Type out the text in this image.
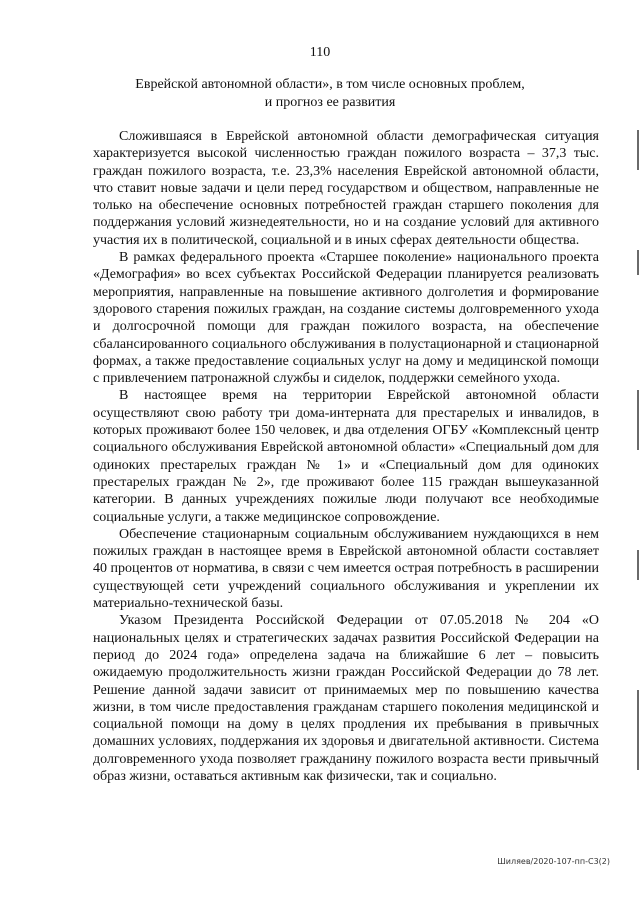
110
Еврейской автономной области», в том числе основных проблем,
и прогноз ее развития

Сложившаяся в Еврейской автономной области демографическая ситуация характеризуется высокой численностью граждан пожилого возраста – 37,3 тыс. граждан пожилого возраста, т.е. 23,3% населения Еврейской автономной области, что ставит новые задачи и цели перед государством и обществом, направленные не только на обеспечение основных потребностей граждан старшего поколения для поддержания условий жизнедеятельности, но и на создание условий для активного участия их в политической, социальной и в иных сферах деятельности общества.

В рамках федерального проекта «Старшее поколение» национального проекта «Демография» во всех субъектах Российской Федерации планируется реализовать мероприятия, направленные на повышение активного долголетия и формирование здорового старения пожилых граждан, на создание системы долговременного ухода и долгосрочной помощи для граждан пожилого возраста, на обеспечение сбалансированного социального обслуживания в полустационарной и стационарной формах, а также предоставление социальных услуг на дому и медицинской помощи с привлечением патронажной службы и сиделок, поддержки семейного ухода.

В настоящее время на территории Еврейской автономной области осуществляют свою работу три дома-интерната для престарелых и инвалидов, в которых проживают более 150 человек, и два отделения ОГБУ «Комплексный центр социального обслуживания Еврейской автономной области» «Специальный дом для одиноких престарелых граждан № 1» и «Специальный дом для одиноких престарелых граждан № 2», где проживают более 115 граждан вышеуказанной категории. В данных учреждениях пожилые люди получают все необходимые социальные услуги, а также медицинское сопровождение.

Обеспечение стационарным социальным обслуживанием нуждающихся в нем пожилых граждан в настоящее время в Еврейской автономной области составляет 40 процентов от норматива, в связи с чем имеется острая потребность в расширении существующей сети учреждений социального обслуживания и укреплении их материально-технической базы.

Указом Президента Российской Федерации от 07.05.2018 № 204 «О национальных целях и стратегических задачах развития Российской Федерации на период до 2024 года» определена задача на ближайшие 6 лет – повысить ожидаемую продолжительность жизни граждан Российской Федерации до 78 лет. Решение данной задачи зависит от принимаемых мер по повышению качества жизни, в том числе предоставления гражданам старшего поколения медицинской и социальной помощи на дому в целях продления их пребывания в привычных домашних условиях, поддержания их здоровья и двигательной активности. Система долговременного ухода позволяет гражданину пожилого возраста вести привычный образ жизни, оставаться активным как физически, так и социально.

Шиляев/2020-107-пп-С3(2)
